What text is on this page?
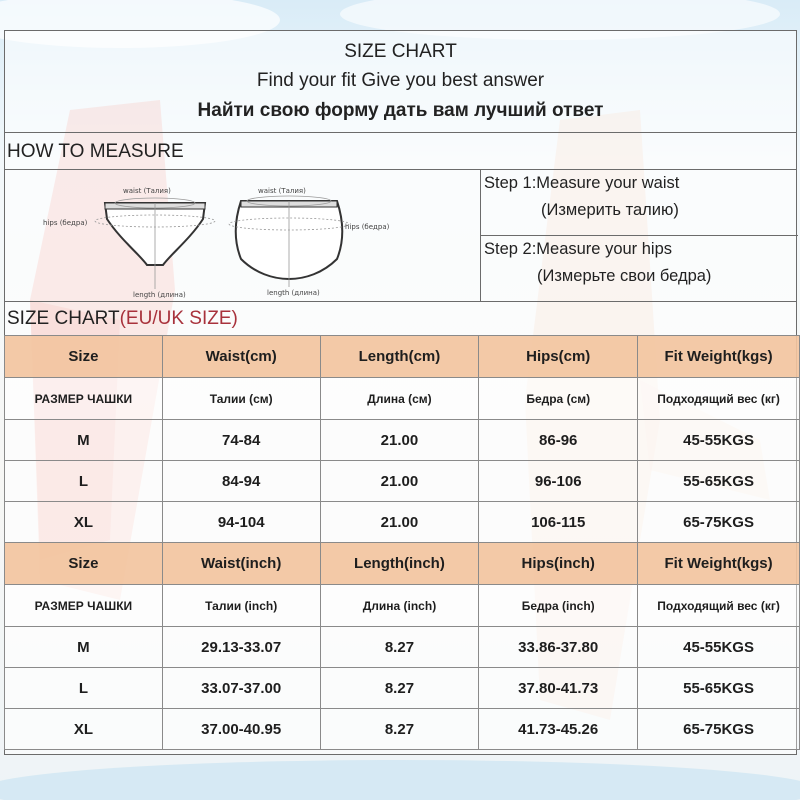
SIZE CHART
Find your fit Give you best answer
Найти свою форму дать вам лучший ответ
HOW TO MEASURE
waist (Талия)
hips (бедра)
length (длина)
waist (Талия)
hips (бедра)
length (длина)
Step 1:Measure your waist
(Измерить талию)
Step 2:Measure your hips
(Измерьте свои бедра)
SIZE CHART(EU/UK SIZE)
Size	Waist(cm)	Length(cm)	Hips(cm)	Fit Weight(kgs)
РАЗМЕР ЧАШКИ	Талии (см)	Длина (см)	Бедра (см)	Подходящий вес (кг)
M	74-84	21.00	86-96	45-55KGS
L	84-94	21.00	96-106	55-65KGS
XL	94-104	21.00	106-115	65-75KGS
Size	Waist(inch)	Length(inch)	Hips(inch)	Fit Weight(kgs)
РАЗМЕР ЧАШКИ	Талии (inch)	Длина (inch)	Бедра (inch)	Подходящий вес (кг)
M	29.13-33.07	8.27	33.86-37.80	45-55KGS
L	33.07-37.00	8.27	37.80-41.73	55-65KGS
XL	37.00-40.95	8.27	41.73-45.26	65-75KGS
